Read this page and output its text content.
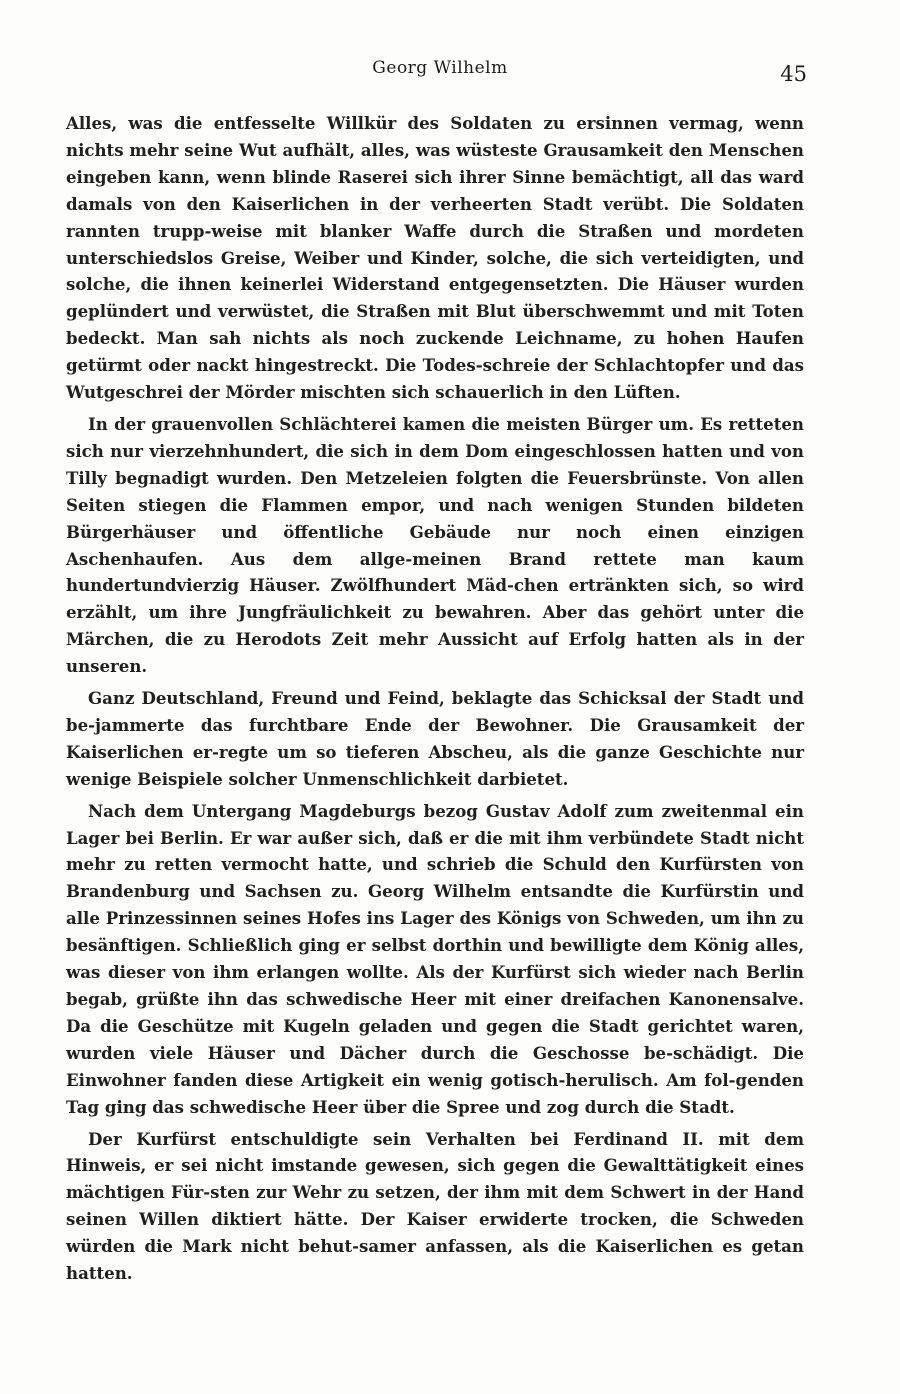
Georg Wilhelm	45

Alles, was die entfesselte Willkür des Soldaten zu ersinnen vermag, wenn nichts mehr seine Wut aufhält, alles, was wüsteste Grausamkeit den Menschen eingeben kann, wenn blinde Raserei sich ihrer Sinne bemächtigt, all das ward damals von den Kaiserlichen in der verheerten Stadt verübt. Die Soldaten rannten trupp-weise mit blanker Waffe durch die Straßen und mordeten unterschiedslos Greise, Weiber und Kinder, solche, die sich verteidigten, und solche, die ihnen keinerlei Widerstand entgegensetzten. Die Häuser wurden geplündert und verwüstet, die Straßen mit Blut überschwemmt und mit Toten bedeckt. Man sah nichts als noch zuckende Leichname, zu hohen Haufen getürmt oder nackt hingestreckt. Die Todes-schreie der Schlachtopfer und das Wutgeschrei der Mörder mischten sich schauerlich in den Lüften.

In der grauenvollen Schlächterei kamen die meisten Bürger um. Es retteten sich nur vierzehnhundert, die sich in dem Dom eingeschlossen hatten und von Tilly begnadigt wurden. Den Metzeleien folgten die Feuersbrünste. Von allen Seiten stiegen die Flammen empor, und nach wenigen Stunden bildeten Bürgerhäuser und öffentliche Gebäude nur noch einen einzigen Aschenhaufen. Aus dem allge-meinen Brand rettete man kaum hundertundvierzig Häuser. Zwölfhundert Mäd-chen ertränkten sich, so wird erzählt, um ihre Jungfräulichkeit zu bewahren. Aber das gehört unter die Märchen, die zu Herodots Zeit mehr Aussicht auf Erfolg hatten als in der unseren.

Ganz Deutschland, Freund und Feind, beklagte das Schicksal der Stadt und be-jammerte das furchtbare Ende der Bewohner. Die Grausamkeit der Kaiserlichen er-regte um so tieferen Abscheu, als die ganze Geschichte nur wenige Beispiele solcher Unmenschlichkeit darbietet.

Nach dem Untergang Magdeburgs bezog Gustav Adolf zum zweitenmal ein Lager bei Berlin. Er war außer sich, daß er die mit ihm verbündete Stadt nicht mehr zu retten vermocht hatte, und schrieb die Schuld den Kurfürsten von Brandenburg und Sachsen zu. Georg Wilhelm entsandte die Kurfürstin und alle Prinzessinnen seines Hofes ins Lager des Königs von Schweden, um ihn zu besänftigen. Schließlich ging er selbst dorthin und bewilligte dem König alles, was dieser von ihm erlangen wollte. Als der Kurfürst sich wieder nach Berlin begab, grüßte ihn das schwedische Heer mit einer dreifachen Kanonensalve. Da die Geschütze mit Kugeln geladen und gegen die Stadt gerichtet waren, wurden viele Häuser und Dächer durch die Geschosse be-schädigt. Die Einwohner fanden diese Artigkeit ein wenig gotisch-herulisch. Am fol-genden Tag ging das schwedische Heer über die Spree und zog durch die Stadt.

Der Kurfürst entschuldigte sein Verhalten bei Ferdinand II. mit dem Hinweis, er sei nicht imstande gewesen, sich gegen die Gewalttätigkeit eines mächtigen Für-sten zur Wehr zu setzen, der ihm mit dem Schwert in der Hand seinen Willen diktiert hätte. Der Kaiser erwiderte trocken, die Schweden würden die Mark nicht behut-samer anfassen, als die Kaiserlichen es getan hatten.
